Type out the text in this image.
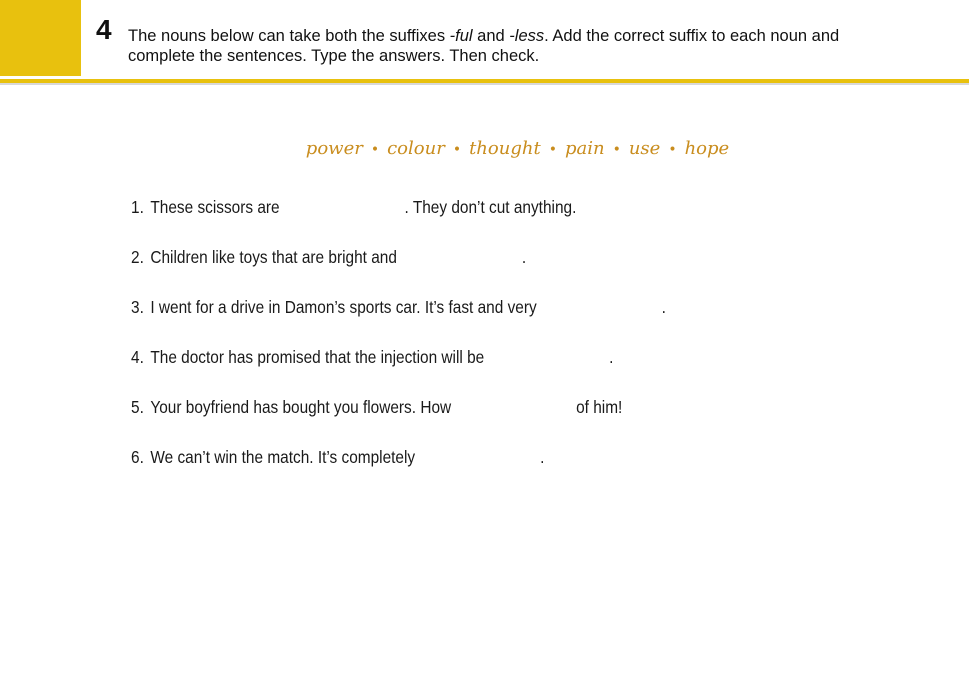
4 The nouns below can take both the suffixes -ful and -less. Add the correct suffix to each noun and
complete the sentences. Type the answers. Then check.
power • colour • thought • pain • use • hope
1. These scissors are	. They don’t cut anything.
2. Children like toys that are bright and	.
3. I went for a drive in Damon’s sports car. It’s fast and very	.
4. The doctor has promised that the injection will be	.
5. Your boyfriend has bought you flowers. How	of him!
6. We can’t win the match. It’s completely	.
